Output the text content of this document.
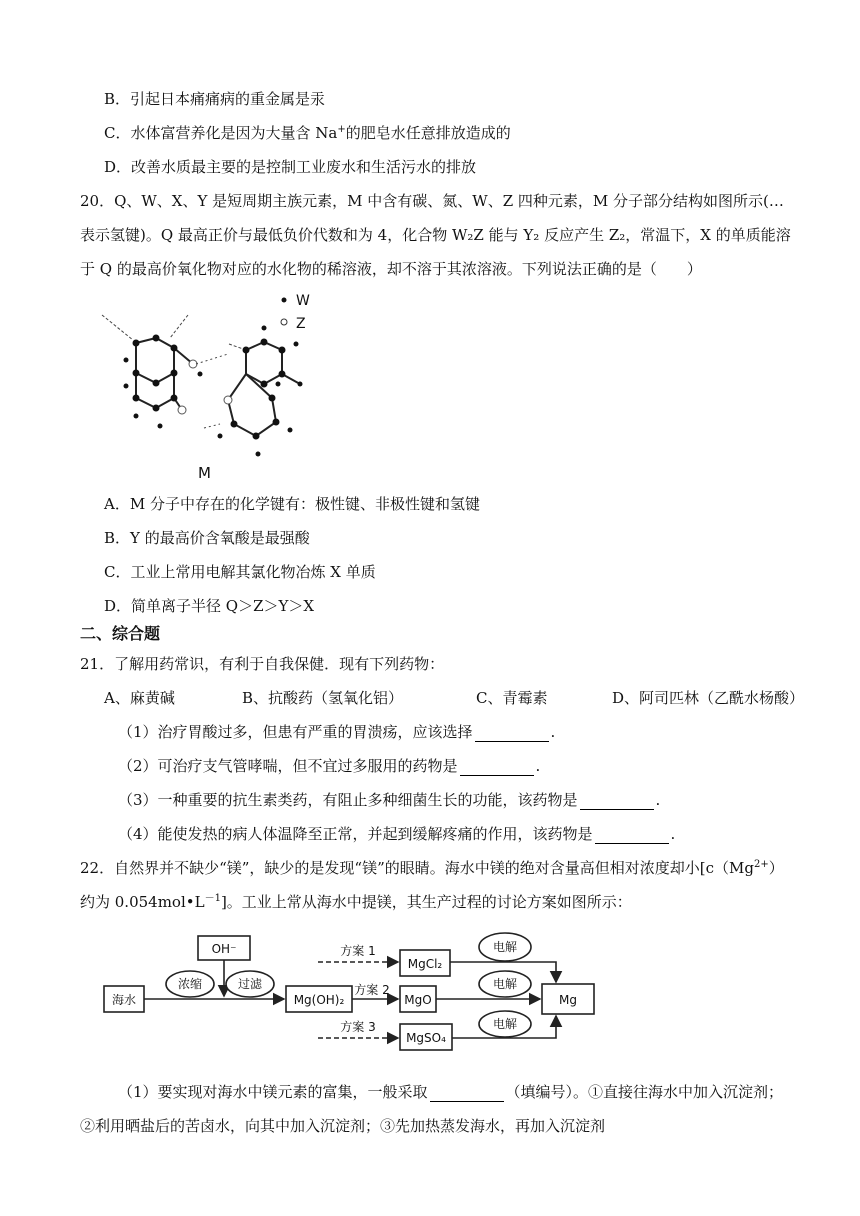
B．引起日本痛痛病的重金属是汞
C．水体富营养化是因为大量含 Na+的肥皂水任意排放造成的
D．改善水质最主要的是控制工业废水和生活污水的排放
20．Q、W、X、Y 是短周期主族元素，M 中含有碳、氮、W、Z 四种元素，M 分子部分结构如图所示(…
表示氢键)。Q 最高正价与最低负价代数和为 4，化合物 W₂Z 能与 Y₂ 反应产生 Z₂，常温下，X 的单质能溶
于 Q 的最高价氧化物对应的水化物的稀溶液，却不溶于其浓溶液。下列说法正确的是（　　）
W
Z
M
A．M 分子中存在的化学键有：极性键、非极性键和氢键
B．Y 的最高价含氧酸是最强酸
C．工业上常用电解其氯化物冶炼 X 单质
D．简单离子半径 Q＞Z＞Y＞X
二、综合题
21．了解用药常识，有利于自我保健．现有下列药物：
A、麻黄碱	B、抗酸药（氢氧化铝）	C、青霉素	D、阿司匹林（乙酰水杨酸）
（1）治疗胃酸过多，但患有严重的胃溃疡，应该选择	.
（2）可治疗支气管哮喘，但不宜过多服用的药物是	.
（3）一种重要的抗生素类药，有阻止多种细菌生长的功能，该药物是	.
（4）能使发热的病人体温降至正常，并起到缓解疼痛的作用，该药物是	.
22．自然界并不缺少“镁”，缺少的是发现“镁”的眼睛。海水中镁的绝对含量高但相对浓度却小[$c(Mg^{2+})$
约为 $0.054mol•L^{-1}$]。工业上常从海水中提镁，其生产过程的讨论方案如图所示：
海水
OH⁻
浓缩	过滤
Mg(OH)₂
方案 1
方案 2
方案 3
MgCl₂
MgO
MgSO₄
电解
电解
电解
Mg
（1）要实现对海水中镁元素的富集，一般采取	（填编号）。①直接往海水中加入沉淀剂；
②利用晒盐后的苦卤水，向其中加入沉淀剂；③先加热蒸发海水，再加入沉淀剂
